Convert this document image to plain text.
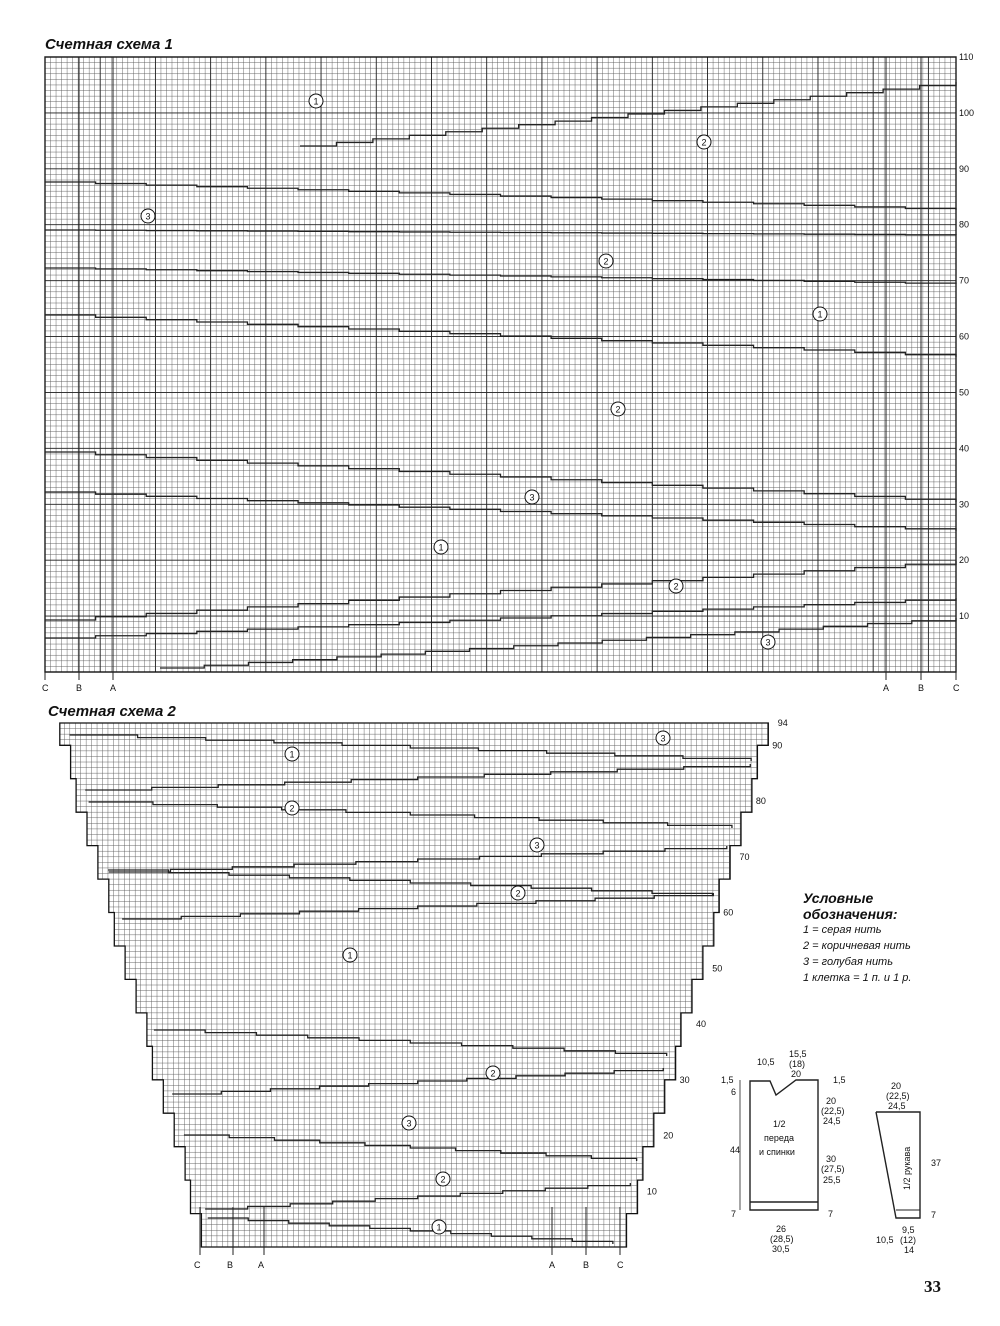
Счетная схема 1
Счетная схема 2
10
20
30
40
50
60
70
80
90
100
110
C	B	A	A	B	C
1
2
3
2
1
2
3
1
2
3
10
20
30
40
50
60
70
80
90
94
C	B	A	A	B	C
3
1
2
3
2
1
2
3
2
1
10,5
15,5
(18)
20
1,5
6
1,5
20
(22,5)
24,5
1/2
переда
и спинки
44
30
(27,5)
25,5
7	7
26
(28,5)
30,5
20
(22,5)
24,5
37
7
10,5
9,5
(12)
14
1/2 рукава
Условные обозначения:
1 = серая нить
2 = коричневая нить
3 = голубая нить
1 клетка = 1 п. и 1 р.
33
